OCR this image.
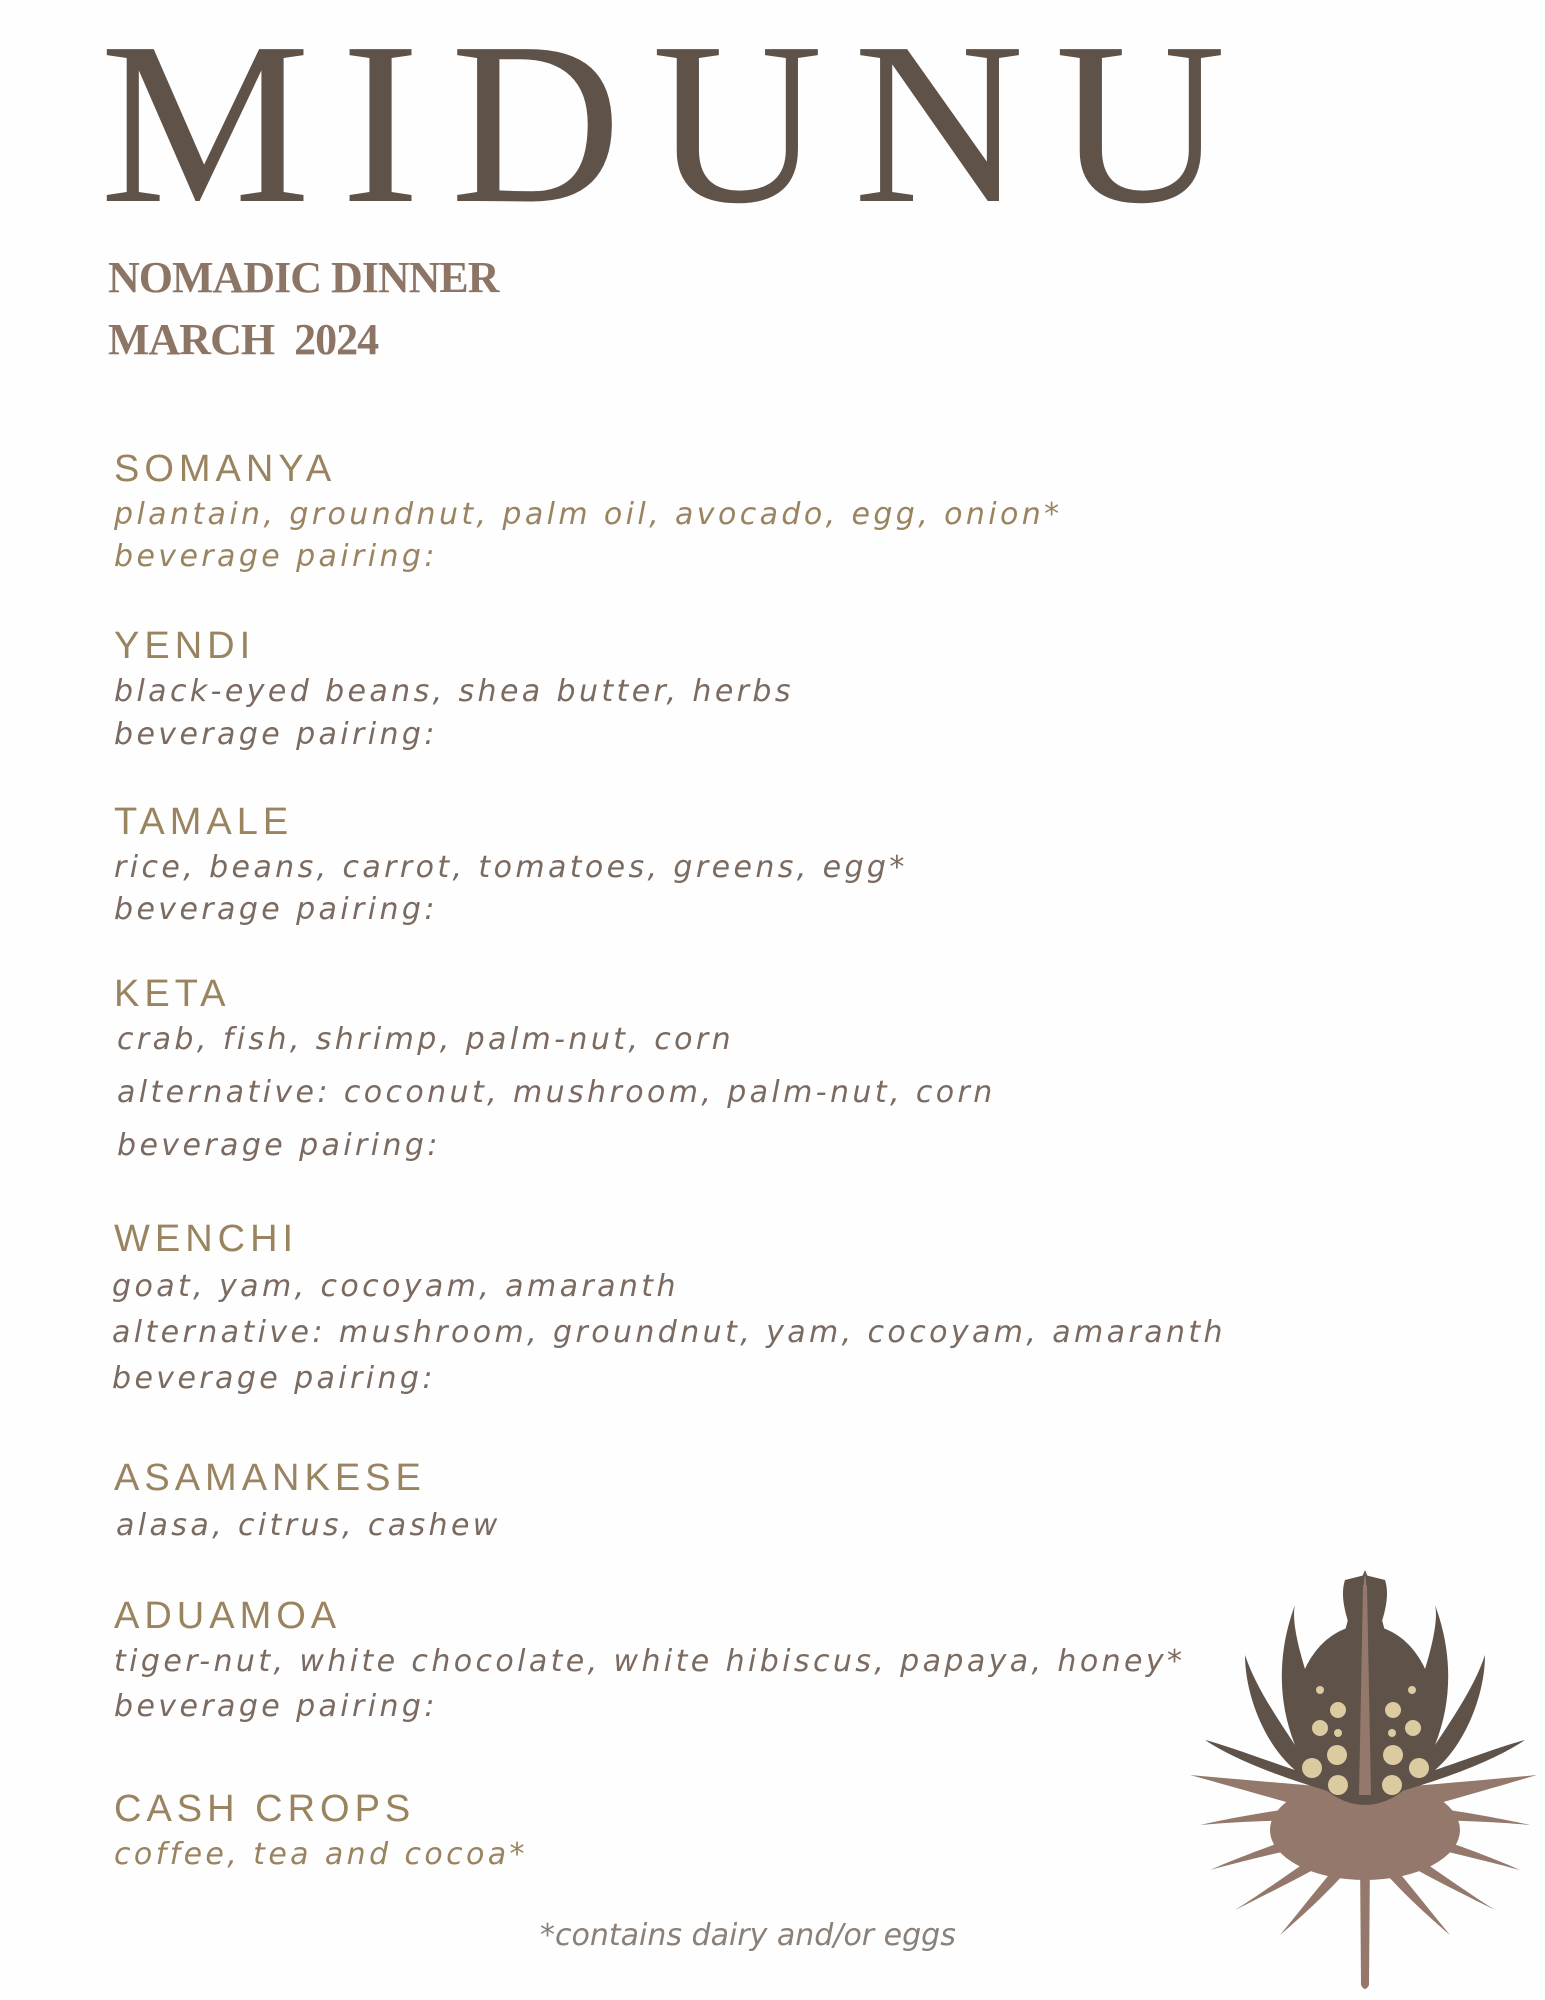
MIDUNU
NOMADIC DINNER
MARCH  2024
SOMANYA
plantain, groundnut, palm oil, avocado, egg, onion*
beverage pairing:
YENDI
black-eyed beans, shea butter, herbs
beverage pairing:
TAMALE
rice, beans, carrot, tomatoes, greens, egg*
beverage pairing:
KETA
crab, fish, shrimp, palm-nut, corn
alternative: coconut, mushroom, palm-nut, corn
beverage pairing:
WENCHI
goat, yam, cocoyam, amaranth
alternative: mushroom, groundnut, yam, cocoyam, amaranth
beverage pairing:
ASAMANKESE
alasa, citrus, cashew
ADUAMOA
tiger-nut, white chocolate, white hibiscus, papaya, honey*
beverage pairing:
CASH CROPS
coffee, tea and cocoa*
*contains dairy and/or eggs
